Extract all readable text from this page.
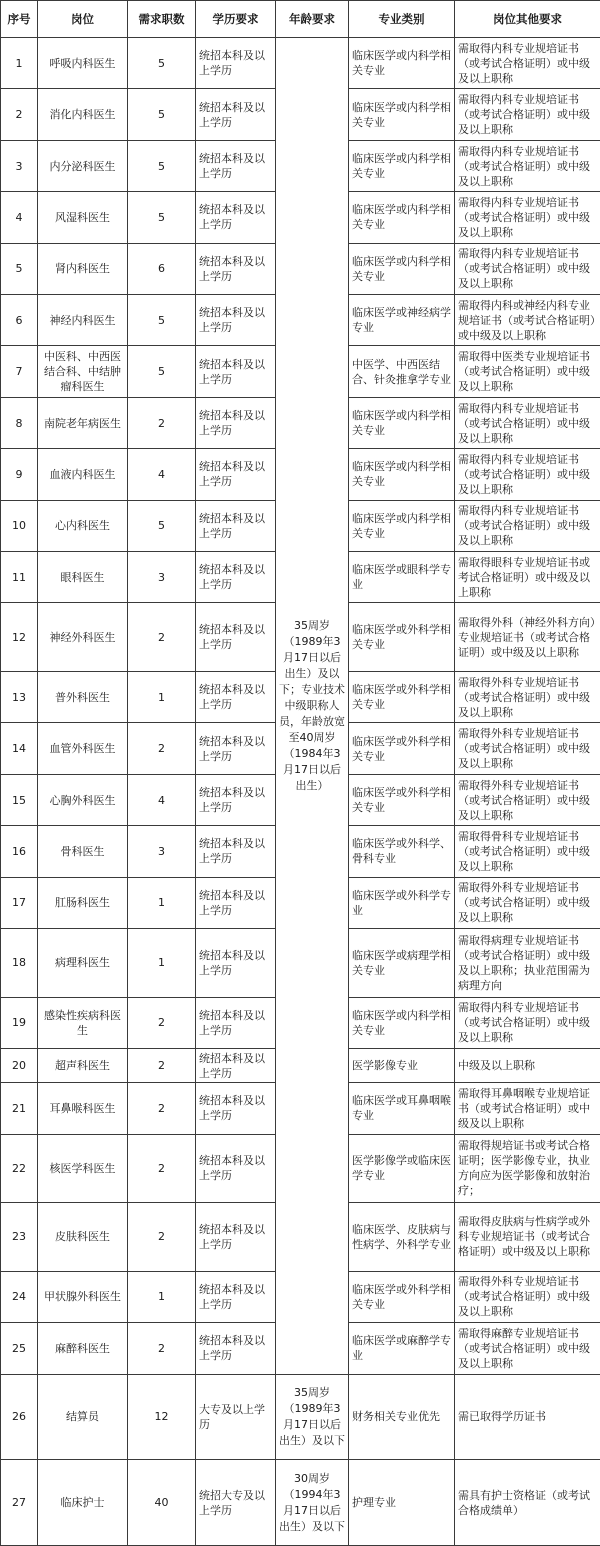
序号	岗位	需求职数	学历要求	年龄要求	专业类别	岗位其他要求
1	呼吸内科医生	5	统招本科及以上学历	35周岁（1989年3月17日以后出生）及以下；专业技术中级职称人员，年龄放宽至40周岁（1984年3月17日以后出生）	临床医学或内科学相关专业	需取得内科专业规培证书（或考试合格证明）或中级及以上职称
2	消化内科医生	5	统招本科及以上学历		临床医学或内科学相关专业	需取得内科专业规培证书（或考试合格证明）或中级及以上职称
3	内分泌科医生	5	统招本科及以上学历		临床医学或内科学相关专业	需取得内科专业规培证书（或考试合格证明）或中级及以上职称
4	风湿科医生	5	统招本科及以上学历		临床医学或内科学相关专业	需取得内科专业规培证书（或考试合格证明）或中级及以上职称
5	肾内科医生	6	统招本科及以上学历		临床医学或内科学相关专业	需取得内科专业规培证书（或考试合格证明）或中级及以上职称
6	神经内科医生	5	统招本科及以上学历		临床医学或神经病学专业	需取得内科或神经内科专业规培证书（或考试合格证明）或中级及以上职称
7	中医科、中西医结合科、中结肿瘤科医生	5	统招本科及以上学历		中医学、中西医结合、针灸推拿学专业	需取得中医类专业规培证书（或考试合格证明）或中级及以上职称
8	南院老年病医生	2	统招本科及以上学历		临床医学或内科学相关专业	需取得内科专业规培证书（或考试合格证明）或中级及以上职称
9	血液内科医生	4	统招本科及以上学历		临床医学或内科学相关专业	需取得内科专业规培证书（或考试合格证明）或中级及以上职称
10	心内科医生	5	统招本科及以上学历		临床医学或内科学相关专业	需取得内科专业规培证书（或考试合格证明）或中级及以上职称
11	眼科医生	3	统招本科及以上学历		临床医学或眼科学专业	需取得眼科专业规培证书或考试合格证明）或中级及以上职称
12	神经外科医生	2	统招本科及以上学历		临床医学或外科学相关专业	需取得外科（神经外科方向）专业规培证书（或考试合格证明）或中级及以上职称
13	普外科医生	1	统招本科及以上学历		临床医学或外科学相关专业	需取得外科专业规培证书（或考试合格证明）或中级及以上职称
14	血管外科医生	2	统招本科及以上学历		临床医学或外科学相关专业	需取得外科专业规培证书（或考试合格证明）或中级及以上职称
15	心胸外科医生	4	统招本科及以上学历		临床医学或外科学相关专业	需取得外科专业规培证书（或考试合格证明）或中级及以上职称
16	骨科医生	3	统招本科及以上学历		临床医学或外科学、骨科专业	需取得骨科专业规培证书（或考试合格证明）或中级及以上职称
17	肛肠科医生	1	统招本科及以上学历		临床医学或外科学专业	需取得外科专业规培证书（或考试合格证明）或中级及以上职称
18	病理科医生	1	统招本科及以上学历		临床医学或病理学相关专业	需取得病理专业规培证书（或考试合格证明）或中级及以上职称；执业范围需为病理方向
19	感染性疾病科医生	2	统招本科及以上学历		临床医学或内科学相关专业	需取得内科专业规培证书（或考试合格证明）或中级及以上职称
20	超声科医生	2	统招本科及以上学历		医学影像专业	中级及以上职称
21	耳鼻喉科医生	2	统招本科及以上学历		临床医学或耳鼻咽喉专业	需取得耳鼻咽喉专业规培证书（或考试合格证明）或中级及以上职称
22	核医学科医生	2	统招本科及以上学历		医学影像学或临床医学专业	需取得规培证书或考试合格证明；医学影像专业，执业方向应为医学影像和放射治疗；
23	皮肤科医生	2	统招本科及以上学历		临床医学、皮肤病与性病学、外科学专业	需取得皮肤病与性病学或外科专业规培证书（或考试合格证明）或中级及以上职称
24	甲状腺外科医生	1	统招本科及以上学历		临床医学或外科学相关专业	需取得外科专业规培证书（或考试合格证明）或中级及以上职称
25	麻醉科医生	2	统招本科及以上学历		临床医学或麻醉学专业	需取得麻醉专业规培证书（或考试合格证明）或中级及以上职称
26	结算员	12	大专及以上学历	35周岁（1989年3月17日以后出生）及以下	财务相关专业优先	需已取得学历证书
27	临床护士	40	统招大专及以上学历	30周岁（1994年3月17日以后出生）及以下	护理专业	需具有护士资格证（或考试合格成绩单）
